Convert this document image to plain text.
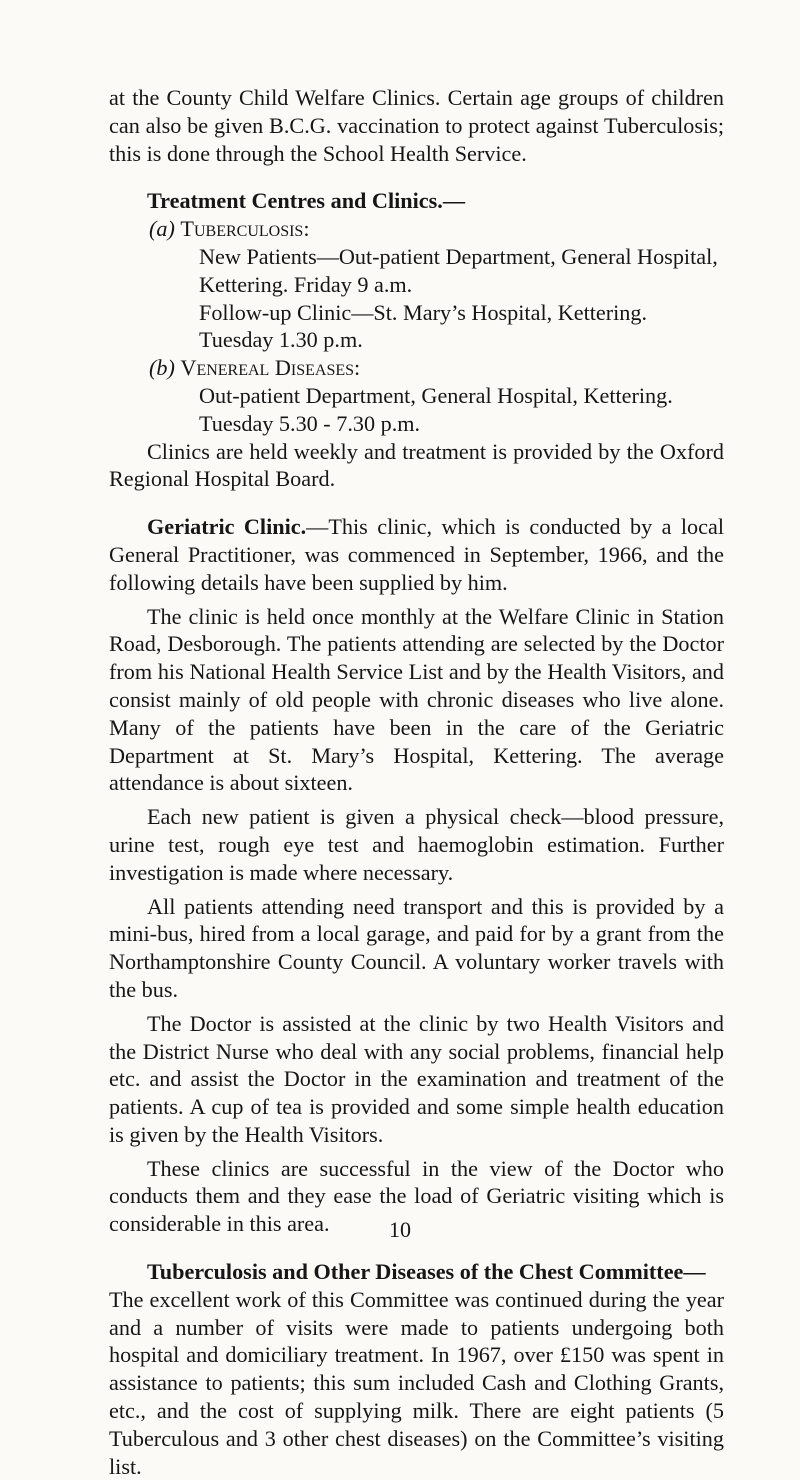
at the County Child Welfare Clinics. Certain age groups of children can also be given B.C.G. vaccination to protect against Tuberculosis; this is done through the School Health Service.

Treatment Centres and Clinics.—

(a) Tuberculosis:

New Patients—Out-patient Department, General Hospital,

Kettering. Friday 9 a.m.

Follow-up Clinic—St. Mary’s Hospital, Kettering.

Tuesday 1.30 p.m.

(b) Venereal Diseases:

Out-patient Department, General Hospital, Kettering.

Tuesday 5.30 - 7.30 p.m.

Clinics are held weekly and treatment is provided by the Oxford Regional Hospital Board.

Geriatric Clinic.—This clinic, which is conducted by a local General Practitioner, was commenced in September, 1966, and the following details have been supplied by him.

The clinic is held once monthly at the Welfare Clinic in Station Road, Desborough. The patients attending are selected by the Doctor from his National Health Service List and by the Health Visitors, and consist mainly of old people with chronic diseases who live alone. Many of the patients have been in the care of the Geriatric Department at St. Mary’s Hospital, Kettering. The average attendance is about sixteen.

Each new patient is given a physical check—blood pressure, urine test, rough eye test and haemoglobin estimation. Further investigation is made where necessary.

All patients attending need transport and this is provided by a mini-bus, hired from a local garage, and paid for by a grant from the Northamptonshire County Council. A voluntary worker travels with the bus.

The Doctor is assisted at the clinic by two Health Visitors and the District Nurse who deal with any social problems, financial help etc. and assist the Doctor in the examination and treatment of the patients. A cup of tea is provided and some simple health education is given by the Health Visitors.

These clinics are successful in the view of the Doctor who conducts them and they ease the load of Geriatric visiting which is considerable in this area.

Tuberculosis and Other Diseases of the Chest Committee—

The excellent work of this Committee was continued during the year and a number of visits were made to patients undergoing both hospital and domiciliary treatment. In 1967, over £150 was spent in assistance to patients; this sum included Cash and Clothing Grants, etc., and the cost of supplying milk. There are eight patients (5 Tuberculous and 3 other chest diseases) on the Committee’s visiting list.

10
